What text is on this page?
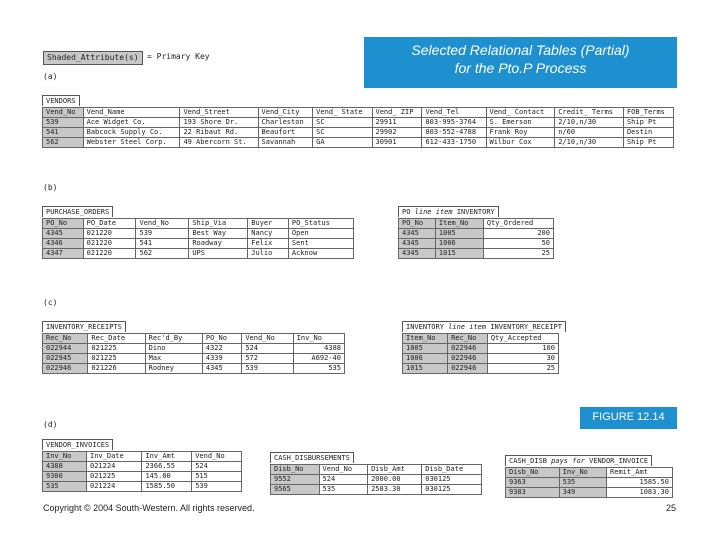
Selected Relational Tables (Partial)
for the Pto.P Process
Shaded_Attribute(s)	= Primary Key
(a)
(b)
(c)
(d)
VENDORS
Vend_No	Vend_Name	Vend_Street	Vend_City	Vend_ State	Vend_ ZIP	Vend_Tel	Vend_ Contact	Credit_ Terms	FOB_Terms
539	Ace Widget Co.	193 Shore Dr.	Charleston	SC	29911	803-995-3764	S. Emerson	2/10,n/30	Ship Pt
541	Babcock Supply Co.	22 Ribaut Rd.	Beaufort	SC	29902	803-552-4788	Frank Roy	n/60	Destin
562	Webster Steel Corp.	49 Abercorn St.	Savannah	GA	30901	612-433-1750	Wilbur Cox	2/10,n/30	Ship Pt
PURCHASE_ORDERS
PO_No	PO_Date	Vend_No	Ship_Via	Buyer	PO_Status
4345	021220	539	Best Way	Nancy	Open
4346	021220	541	Roadway	Felix	Sent
4347	021220	562	UPS	Julio	Acknow
PO line item INVENTORY
PO_No	Item_No	Qty_Ordered
4345	1005	200
4345	1006	50
4345	1015	25
INVENTORY_RECEIPTS
Rec_No	Rec_Date	Rec'd_By	PO_No	Vend_No	Inv_No
022944	021225	Dino	4322	524	4388
022945	021225	Max	4339	572	A692-40
022946	021226	Rodney	4345	539	535
INVENTORY line item INVENTORY_RECEIPT
Item_No	Rec_No	Qty_Accepted
1005	022946	100
1006	022946	30
1015	022946	25
FIGURE 12.14
VENDOR_INVOICES
Inv_No	Inv_Date	Inv_Amt	Vend_No
4388	021224	2366.55	524
9300	021225	145.00	515
535	021224	1585.50	539
CASH_DISBURSEMENTS
Disb_No	Vend_No	Disb_Amt	Disb_Date
9552	524	2000.00	030125
9565	535	2583.30	030125
CASH_DISB pays for VENDOR_INVOICE
Disb_No	Inv_No	Remit_Amt
9363	535	1585.50
9383	349	1083.30
Copyright © 2004 South-Western. All rights reserved.	25
